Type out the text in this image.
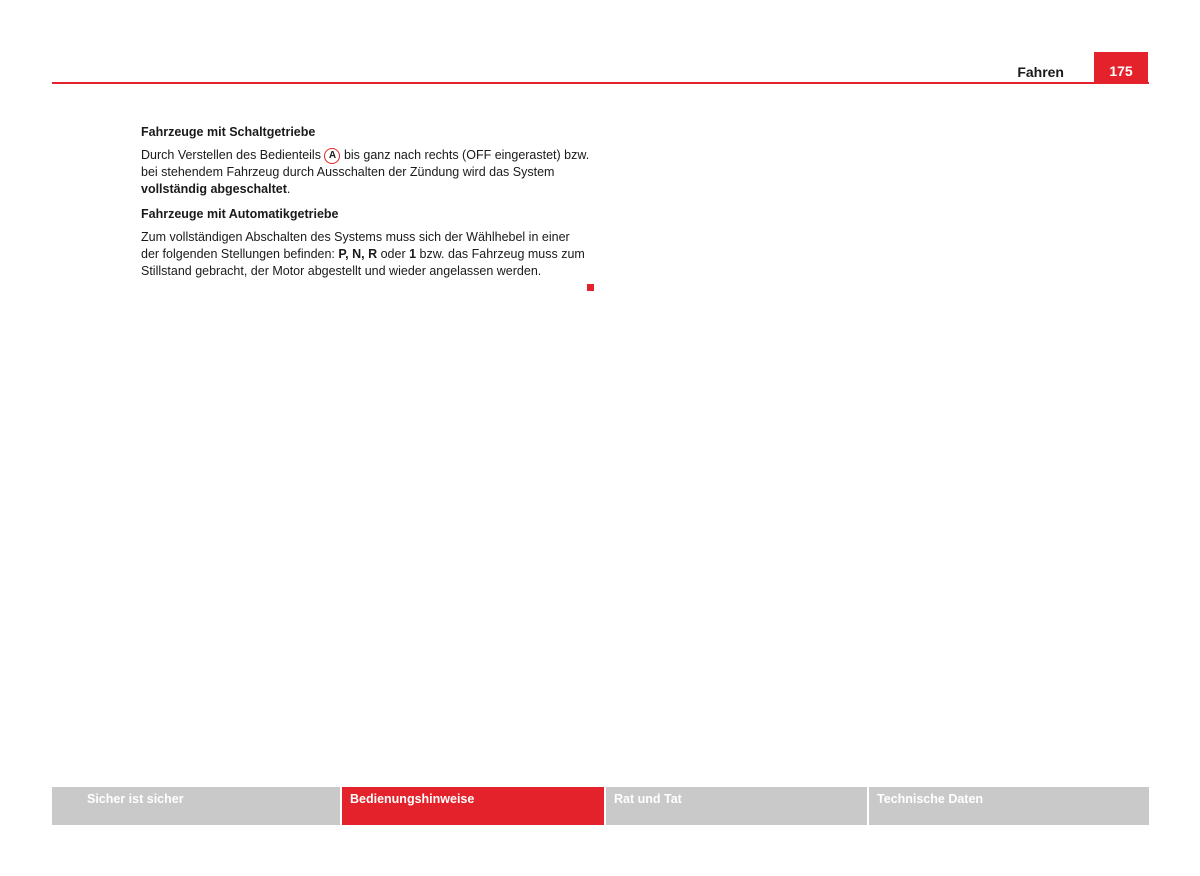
Fahren	175
Fahrzeuge mit Schaltgetriebe

Durch Verstellen des Bedienteils A bis ganz nach rechts (OFF eingerastet) bzw. bei stehendem Fahrzeug durch Ausschalten der Zündung wird das System vollständig abgeschaltet.

Fahrzeuge mit Automatikgetriebe

Zum vollständigen Abschalten des Systems muss sich der Wählhebel in einer der folgenden Stellungen befinden: P, N, R oder 1 bzw. das Fahrzeug muss zum Stillstand gebracht, der Motor abgestellt und wieder angelassen werden.

Sicher ist sicher	Bedienungshinweise	Rat und Tat	Technische Daten
